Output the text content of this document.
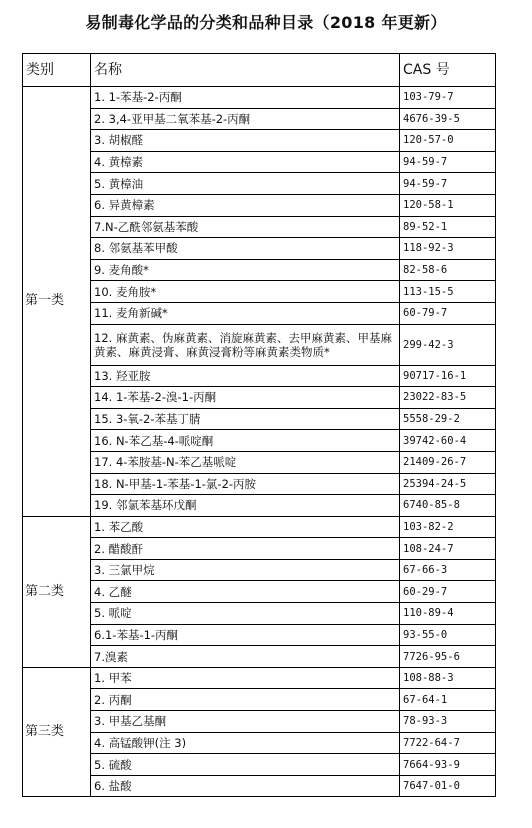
易制毒化学品的分类和品种目录（2018 年更新）
类别	名称	CAS 号
第一类	1. 1-苯基-2-丙酮	103-79-7
	2. 3,4-亚甲基二氧苯基-2-丙酮	4676-39-5
	3. 胡椒醛	120-57-0
	4. 黄樟素	94-59-7
	5. 黄樟油	94-59-7
	6. 异黄樟素	120-58-1
	7.N-乙酰邻氨基苯酸	89-52-1
	8. 邻氨基苯甲酸	118-92-3
	9. 麦角酸*	82-58-6
	10. 麦角胺*	113-15-5
	11. 麦角新碱*	60-79-7
	12. 麻黄素、伪麻黄素、消旋麻黄素、去甲麻黄素、甲基麻黄素、麻黄浸膏、麻黄浸膏粉等麻黄素类物质*	299-42-3
	13. 羟亚胺	90717-16-1
	14. 1-苯基-2-溴-1-丙酮	23022-83-5
	15. 3-氧-2-苯基丁腈	5558-29-2
	16. N-苯乙基-4-哌啶酮	39742-60-4
	17. 4-苯胺基-N-苯乙基哌啶	21409-26-7
	18. N-甲基-1-苯基-1-氯-2-丙胺	25394-24-5
	19. 邻氯苯基环戊酮	6740-85-8
第二类	1. 苯乙酸	103-82-2
	2. 醋酸酐	108-24-7
	3. 三氯甲烷	67-66-3
	4. 乙醚	60-29-7
	5. 哌啶	110-89-4
	6.1-苯基-1-丙酮	93-55-0
	7.溴素	7726-95-6
第三类	1. 甲苯	108-88-3
	2. 丙酮	67-64-1
	3. 甲基乙基酮	78-93-3
	4. 高锰酸钾(注 3)	7722-64-7
	5. 硫酸	7664-93-9
	6. 盐酸	7647-01-0
